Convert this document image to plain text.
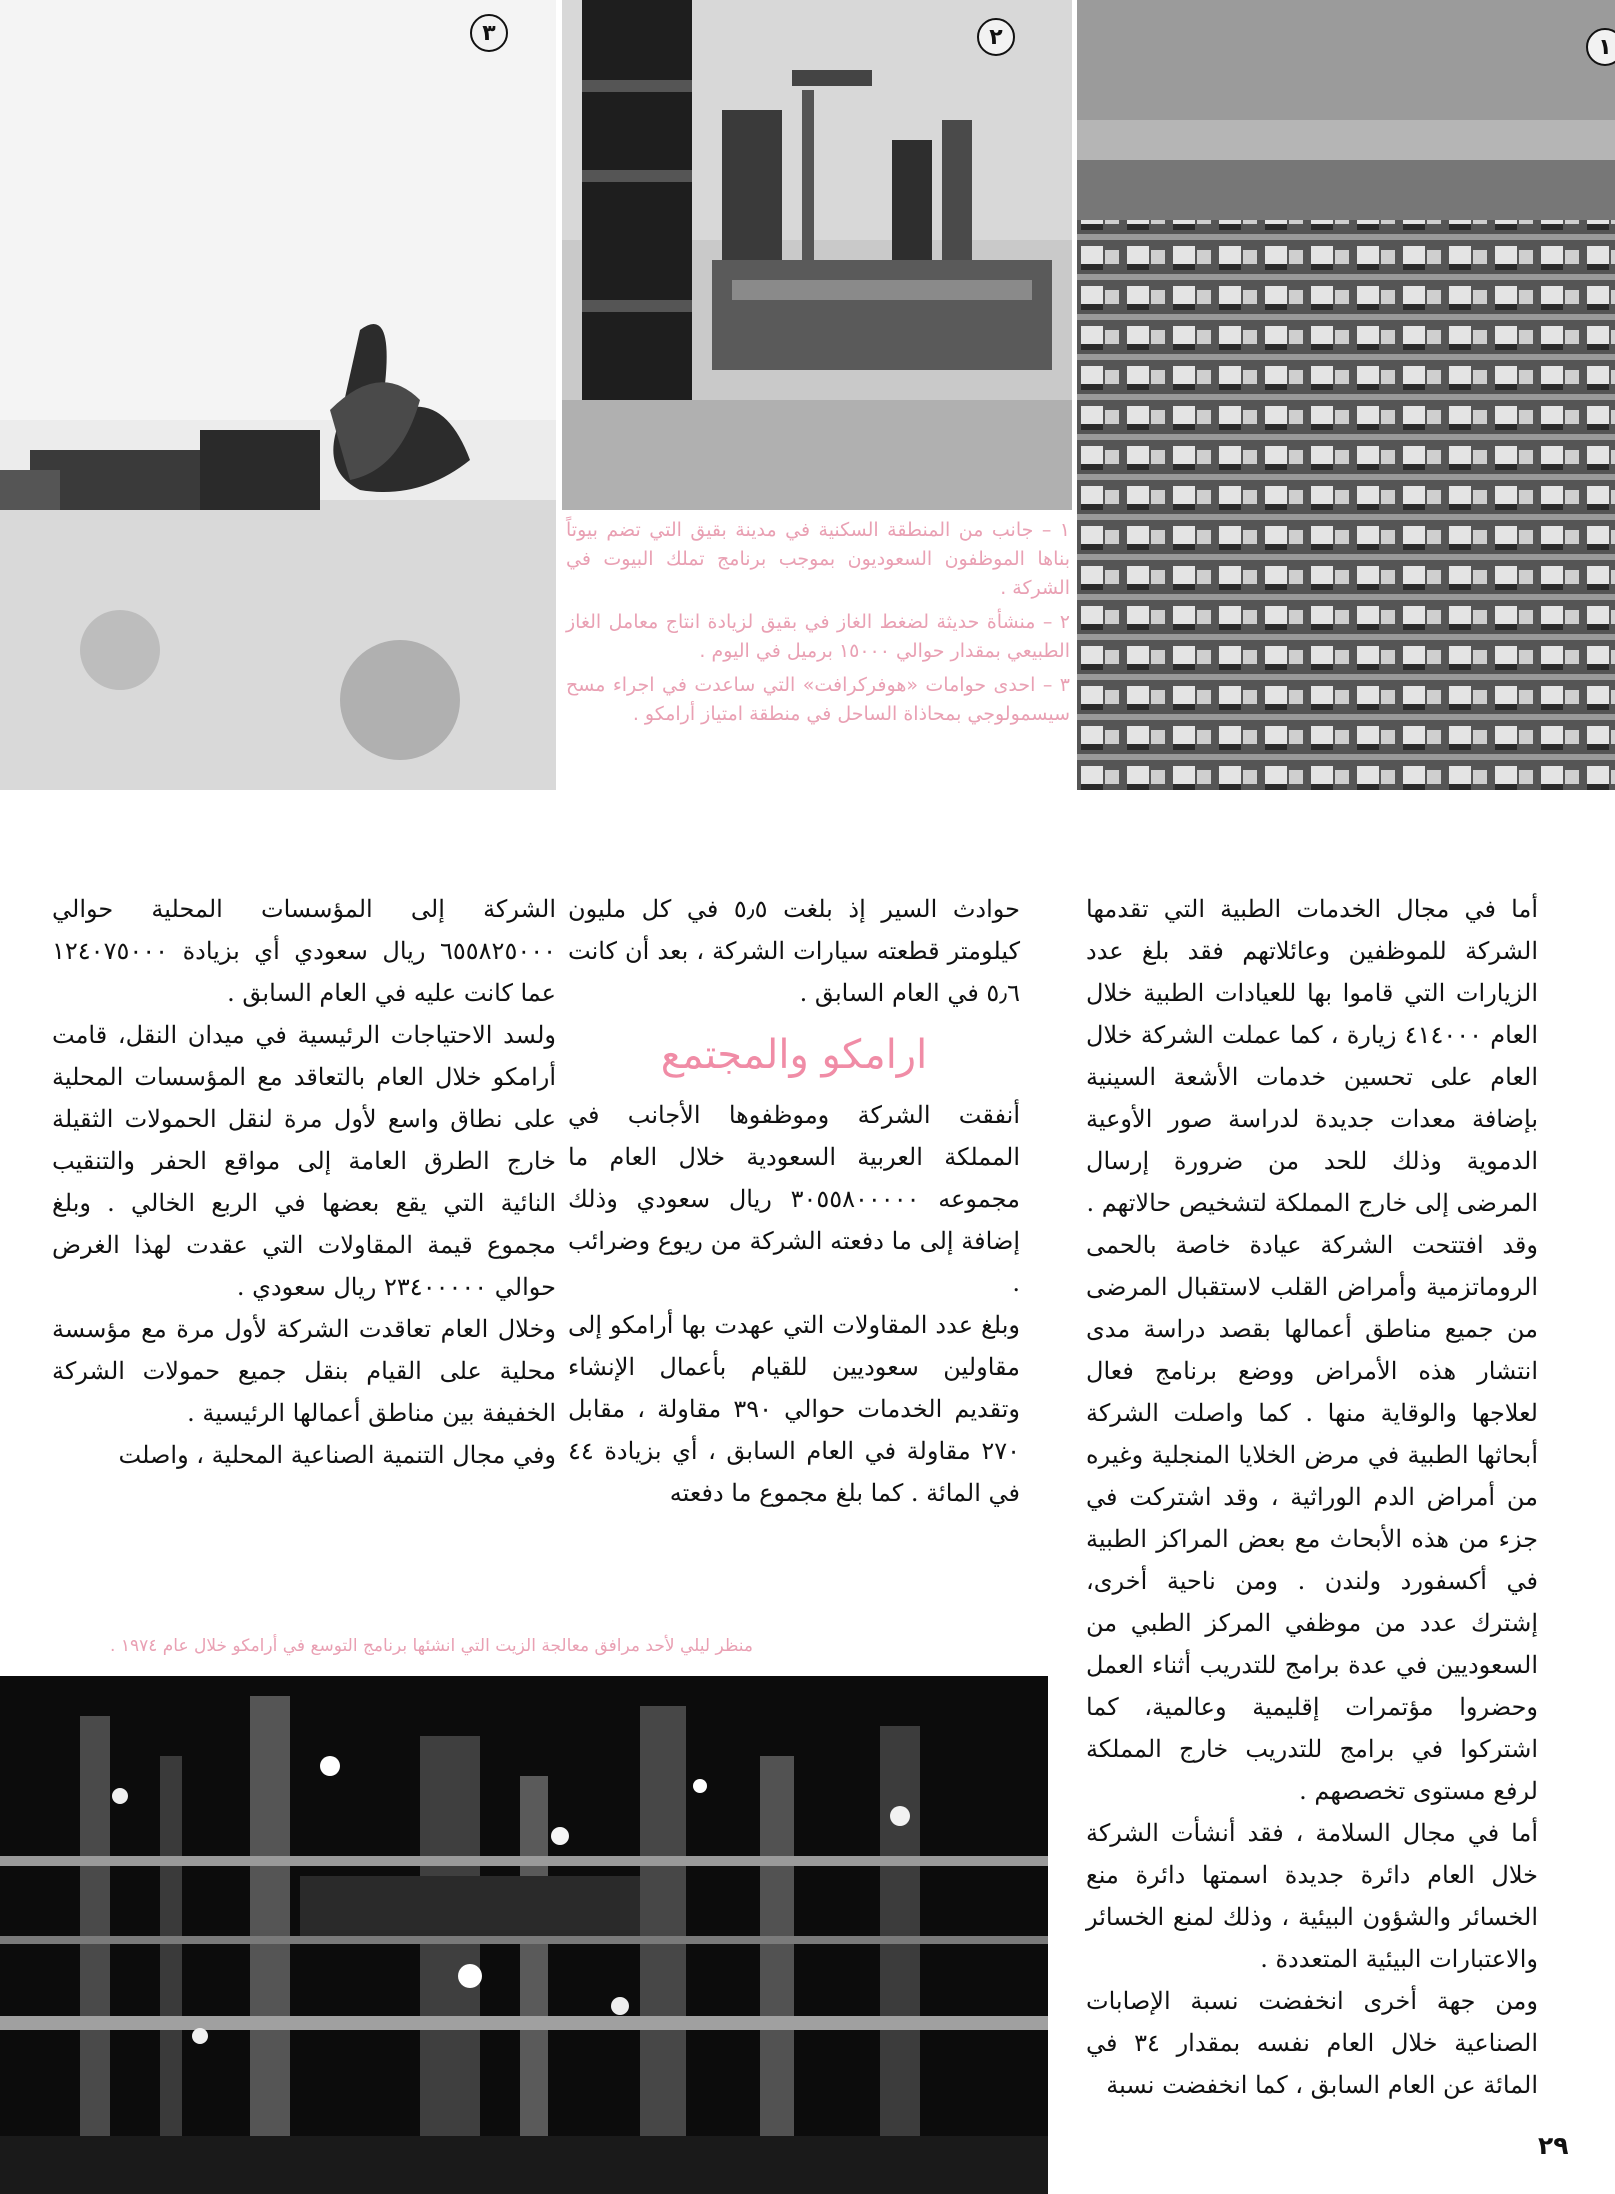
١
٢
٣

١ – جانب من المنطقة السكنية في مدينة بقيق التي تضم بيوتاً بناها الموظفون السعوديون بموجب برنامج تملك البيوت في الشركة .

٢ – منشأة حديثة لضغط الغاز في بقيق لزيادة انتاج معامل الغاز الطبيعي بمقدار حوالي ١٥٠٠٠ برميل في اليوم .

٣ – احدى حوامات «هوفركرافت» التي ساعدت في اجراء مسح سيسمولوجي بمحاذاة الساحل في منطقة امتياز أرامكو .

أما في مجال الخدمات الطبية التي تقدمها الشركة للموظفين وعائلاتهم فقد بلغ عدد الزيارات التي قاموا بها للعيادات الطبية خلال العام ٤١٤٠٠٠ زيارة ، كما عملت الشركة خلال العام على تحسين خدمات الأشعة السينية بإضافة معدات جديدة لدراسة صور الأوعية الدموية وذلك للحد من ضرورة إرسال المرضى إلى خارج المملكة لتشخيص حالاتهم .

وقد افتتحت الشركة عيادة خاصة بالحمى الروماتزمية وأمراض القلب لاستقبال المرضى من جميع مناطق أعمالها بقصد دراسة مدى انتشار هذه الأمراض ووضع برنامج فعال لعلاجها والوقاية منها . كما واصلت الشركة أبحاثها الطبية في مرض الخلايا المنجلية وغيره من أمراض الدم الوراثية ، وقد اشتركت في جزء من هذه الأبحاث مع بعض المراكز الطبية في أكسفورد ولندن . ومن ناحية أخرى، إشترك عدد من موظفي المركز الطبي من السعوديين في عدة برامج للتدريب أثناء العمل وحضروا مؤتمرات إقليمية وعالمية، كما اشتركوا في برامج للتدريب خارج المملكة لرفع مستوى تخصصهم .

أما في مجال السلامة ، فقد أنشأت الشركة خلال العام دائرة جديدة اسمتها دائرة منع الخسائر والشؤون البيئية ، وذلك لمنع الخسائر والاعتبارات البيئية المتعددة .

ومن جهة أخرى انخفضت نسبة الإصابات الصناعية خلال العام نفسه بمقدار ٣٤ في المائة عن العام السابق ، كما انخفضت نسبة

حوادث السير إذ بلغت ٥٫٥ في كل مليون كيلومتر قطعته سيارات الشركة ، بعد أن كانت ٥٫٦ في العام السابق .

ارامكو والمجتمع

أنفقت الشركة وموظفوها الأجانب في المملكة العربية السعودية خلال العام ما مجموعه ٣٠٥٥٨٠٠٠٠٠ ريال سعودي وذلك إضافة إلى ما دفعته الشركة من ريوع وضرائب .

وبلغ عدد المقاولات التي عهدت بها أرامكو إلى مقاولين سعوديين للقيام بأعمال الإنشاء وتقديم الخدمات حوالي ٣٩٠ مقاولة ، مقابل ٢٧٠ مقاولة في العام السابق ، أي بزيادة ٤٤ في المائة . كما بلغ مجموع ما دفعته

الشركة إلى المؤسسات المحلية حوالي ٦٥٥٨٢٥٠٠٠ ريال سعودي أي بزيادة ١٢٤٠٧٥٠٠٠ عما كانت عليه في العام السابق .

ولسد الاحتياجات الرئيسية في ميدان النقل، قامت أرامكو خلال العام بالتعاقد مع المؤسسات المحلية على نطاق واسع لأول مرة لنقل الحمولات الثقيلة خارج الطرق العامة إلى مواقع الحفر والتنقيب النائية التي يقع بعضها في الربع الخالي . وبلغ مجموع قيمة المقاولات التي عقدت لهذا الغرض حوالي ٢٣٤٠٠٠٠٠ ريال سعودي .

وخلال العام تعاقدت الشركة لأول مرة مع مؤسسة محلية على القيام بنقل جميع حمولات الشركة الخفيفة بين مناطق أعمالها الرئيسية .

وفي مجال التنمية الصناعية المحلية ، واصلت

منظر ليلي لأحد مرافق معالجة الزيت التي انشئها برنامج التوسع في أرامكو خلال عام ١٩٧٤ .
٢٩
